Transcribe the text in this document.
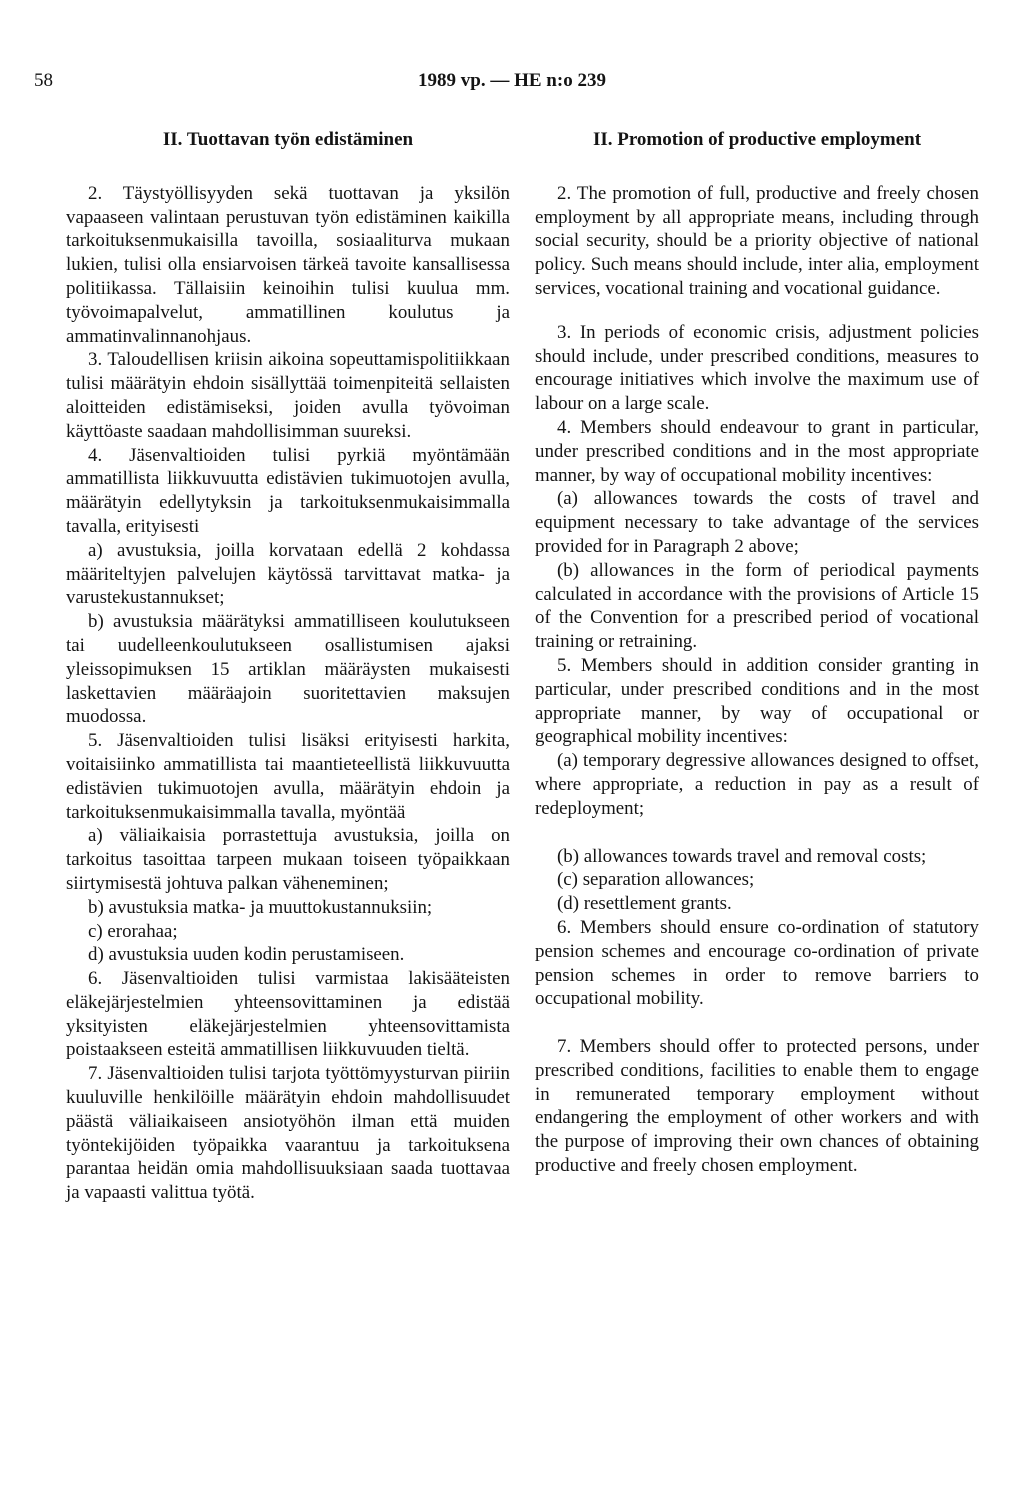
58	1989 vp. — HE n:o 239
II. Tuottavan työn edistäminen

2. Täystyöllisyyden sekä tuottavan ja yksilön vapaaseen valintaan perustuvan työn edistäminen kaikilla tarkoituksenmukaisilla tavoilla, sosiaaliturva mukaan lukien, tulisi olla ensiarvoisen tärkeä tavoite kansallisessa politiikassa. Tällaisiin keinoihin tulisi kuulua mm. työvoimapalvelut, ammatillinen koulutus ja ammatinvalinnanohjaus.

3. Taloudellisen kriisin aikoina sopeuttamispolitiikkaan tulisi määrätyin ehdoin sisällyttää toimenpiteitä sellaisten aloitteiden edistämiseksi, joiden avulla työvoiman käyttöaste saadaan mahdollisimman suureksi.

4. Jäsenvaltioiden tulisi pyrkiä myöntämään ammatillista liikkuvuutta edistävien tukimuotojen avulla, määrätyin edellytyksin ja tarkoituksenmukaisimmalla tavalla, erityisesti

a) avustuksia, joilla korvataan edellä 2 kohdassa määriteltyjen palvelujen käytössä tarvittavat matka- ja varustekustannukset;

b) avustuksia määrätyksi ammatilliseen koulutukseen tai uudelleenkoulutukseen osallistumisen ajaksi yleissopimuksen 15 artiklan määräysten mukaisesti laskettavien määräajoin suoritettavien maksujen muodossa.

5. Jäsenvaltioiden tulisi lisäksi erityisesti harkita, voitaisiinko ammatillista tai maantieteellistä liikkuvuutta edistävien tukimuotojen avulla, määrätyin ehdoin ja tarkoituksenmukaisimmalla tavalla, myöntää

a) väliaikaisia porrastettuja avustuksia, joilla on tarkoitus tasoittaa tarpeen mukaan toiseen työpaikkaan siirtymisestä johtuva palkan väheneminen;

b) avustuksia matka- ja muuttokustannuksiin;

c) erorahaa;

d) avustuksia uuden kodin perustamiseen.

6. Jäsenvaltioiden tulisi varmistaa lakisääteisten eläkejärjestelmien yhteensovittaminen ja edistää yksityisten eläkejärjestelmien yhteensovittamista poistaakseen esteitä ammatillisen liikkuvuuden tieltä.

7. Jäsenvaltioiden tulisi tarjota työttömyysturvan piiriin kuuluville henkilöille määrätyin ehdoin mahdollisuudet päästä väliaikaiseen ansiotyöhön ilman että muiden työntekijöiden työpaikka vaarantuu ja tarkoituksena parantaa heidän omia mahdollisuuksiaan saada tuottavaa ja vapaasti valittua työtä.

II. Promotion of productive employment

2. The promotion of full, productive and freely chosen employment by all appropriate means, including through social security, should be a priority objective of national policy. Such means should include, inter alia, employment services, vocational training and vocational guidance.

3. In periods of economic crisis, adjustment policies should include, under prescribed conditions, measures to encourage initiatives which involve the maximum use of labour on a large scale.

4. Members should endeavour to grant in particular, under prescribed conditions and in the most appropriate manner, by way of occupational mobility incentives:

(a) allowances towards the costs of travel and equipment necessary to take advantage of the services provided for in Paragraph 2 above;

(b) allowances in the form of periodical payments calculated in accordance with the provisions of Article 15 of the Convention for a prescribed period of vocational training or retraining.

5. Members should in addition consider granting in particular, under prescribed conditions and in the most appropriate manner, by way of occupational or geographical mobility incentives:

(a) temporary degressive allowances designed to offset, where appropriate, a reduction in pay as a result of redeployment;

(b) allowances towards travel and removal costs;

(c) separation allowances;

(d) resettlement grants.

6. Members should ensure co-ordination of statutory pension schemes and encourage co-ordination of private pension schemes in order to remove barriers to occupational mobility.

7. Members should offer to protected persons, under prescribed conditions, facilities to enable them to engage in remunerated temporary employment without endangering the employment of other workers and with the purpose of improving their own chances of obtaining productive and freely chosen employment.
